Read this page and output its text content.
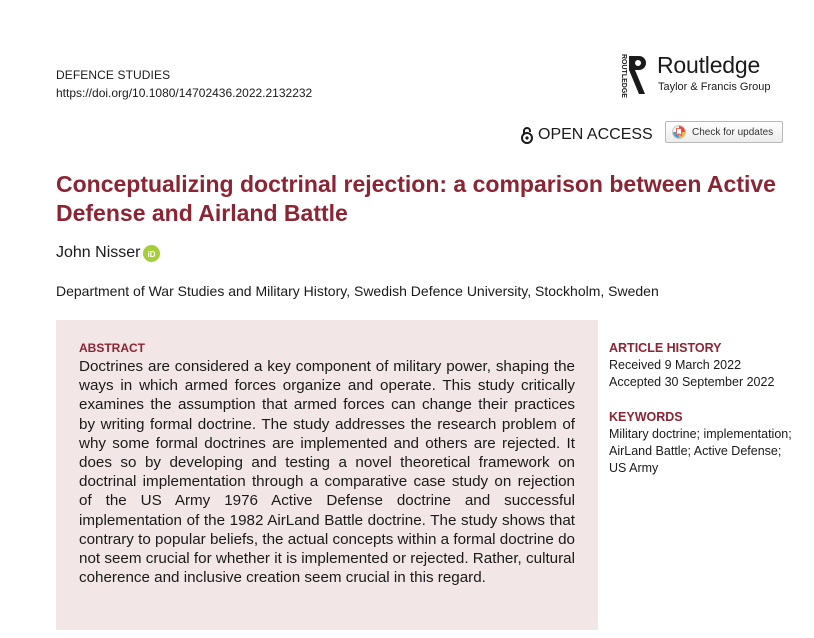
DEFENCE STUDIES
https://doi.org/10.1080/14702436.2022.2132232	ROUTLEDGE Routledge
Taylor & Francis Group
OPEN ACCESS	Check for updates
Conceptualizing doctrinal rejection: a comparison between Active Defense and Airland Battle
John Nisser iD
Department of War Studies and Military History, Swedish Defence University, Stockholm, Sweden
ABSTRACT
Doctrines are considered a key component of military power, shaping the ways in which armed forces organize and operate. This study critically examines the assumption that armed forces can change their practices by writing formal doctrine. The study addresses the research problem of why some formal doctrines are implemented and others are rejected. It does so by developing and testing a novel theoretical framework on doctrinal implementation through a comparative case study on rejection of the US Army 1976 Active Defense doctrine and successful implementation of the 1982 AirLand Battle doctrine. The study shows that contrary to popular beliefs, the actual concepts within a formal doctrine do not seem crucial for whether it is implemented or rejected. Rather, cultural coherence and inclusive creation seem crucial in this regard.
ARTICLE HISTORY
Received 9 March 2022
Accepted 30 September 2022
KEYWORDS
Military doctrine; implementation; AirLand Battle; Active Defense; US Army
